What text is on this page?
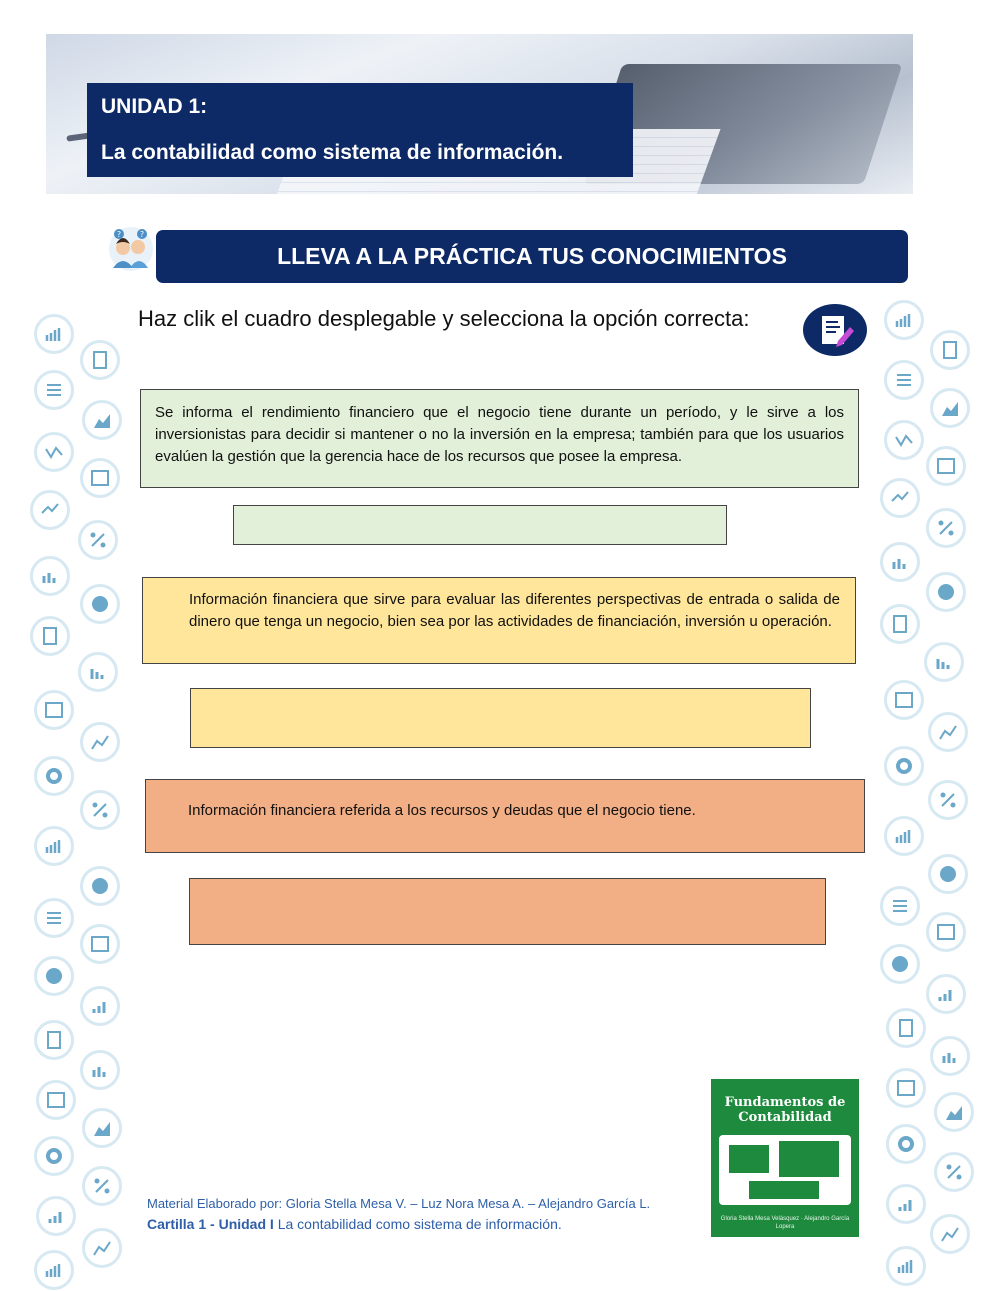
UNIDAD 1:
La contabilidad como sistema de información.
? ?
LLEVA A LA PRÁCTICA TUS CONOCIMIENTOS
Haz clik el cuadro desplegable y selecciona la opción correcta:

Se informa el rendimiento financiero que el negocio tiene durante un período, y le sirve a los inversionistas para decidir si mantener o no la inversión en la empresa; también para que los usuarios evalúen la gestión que la gerencia hace de los recursos que posee la empresa.

Información financiera que sirve para evaluar las diferentes perspectivas de entrada o salida de dinero que tenga un negocio, bien sea por las actividades de financiación, inversión u operación.

Información financiera referida a los recursos y deudas que el negocio tiene.

Material Elaborado por: Gloria Stella Mesa V. – Luz Nora Mesa A. – Alejandro García L.
Cartilla 1 - Unidad I La contabilidad como sistema de información.
Fundamentos de
Contabilidad
Gloria Stella Mesa Velásquez · Alejandro García Lopera
